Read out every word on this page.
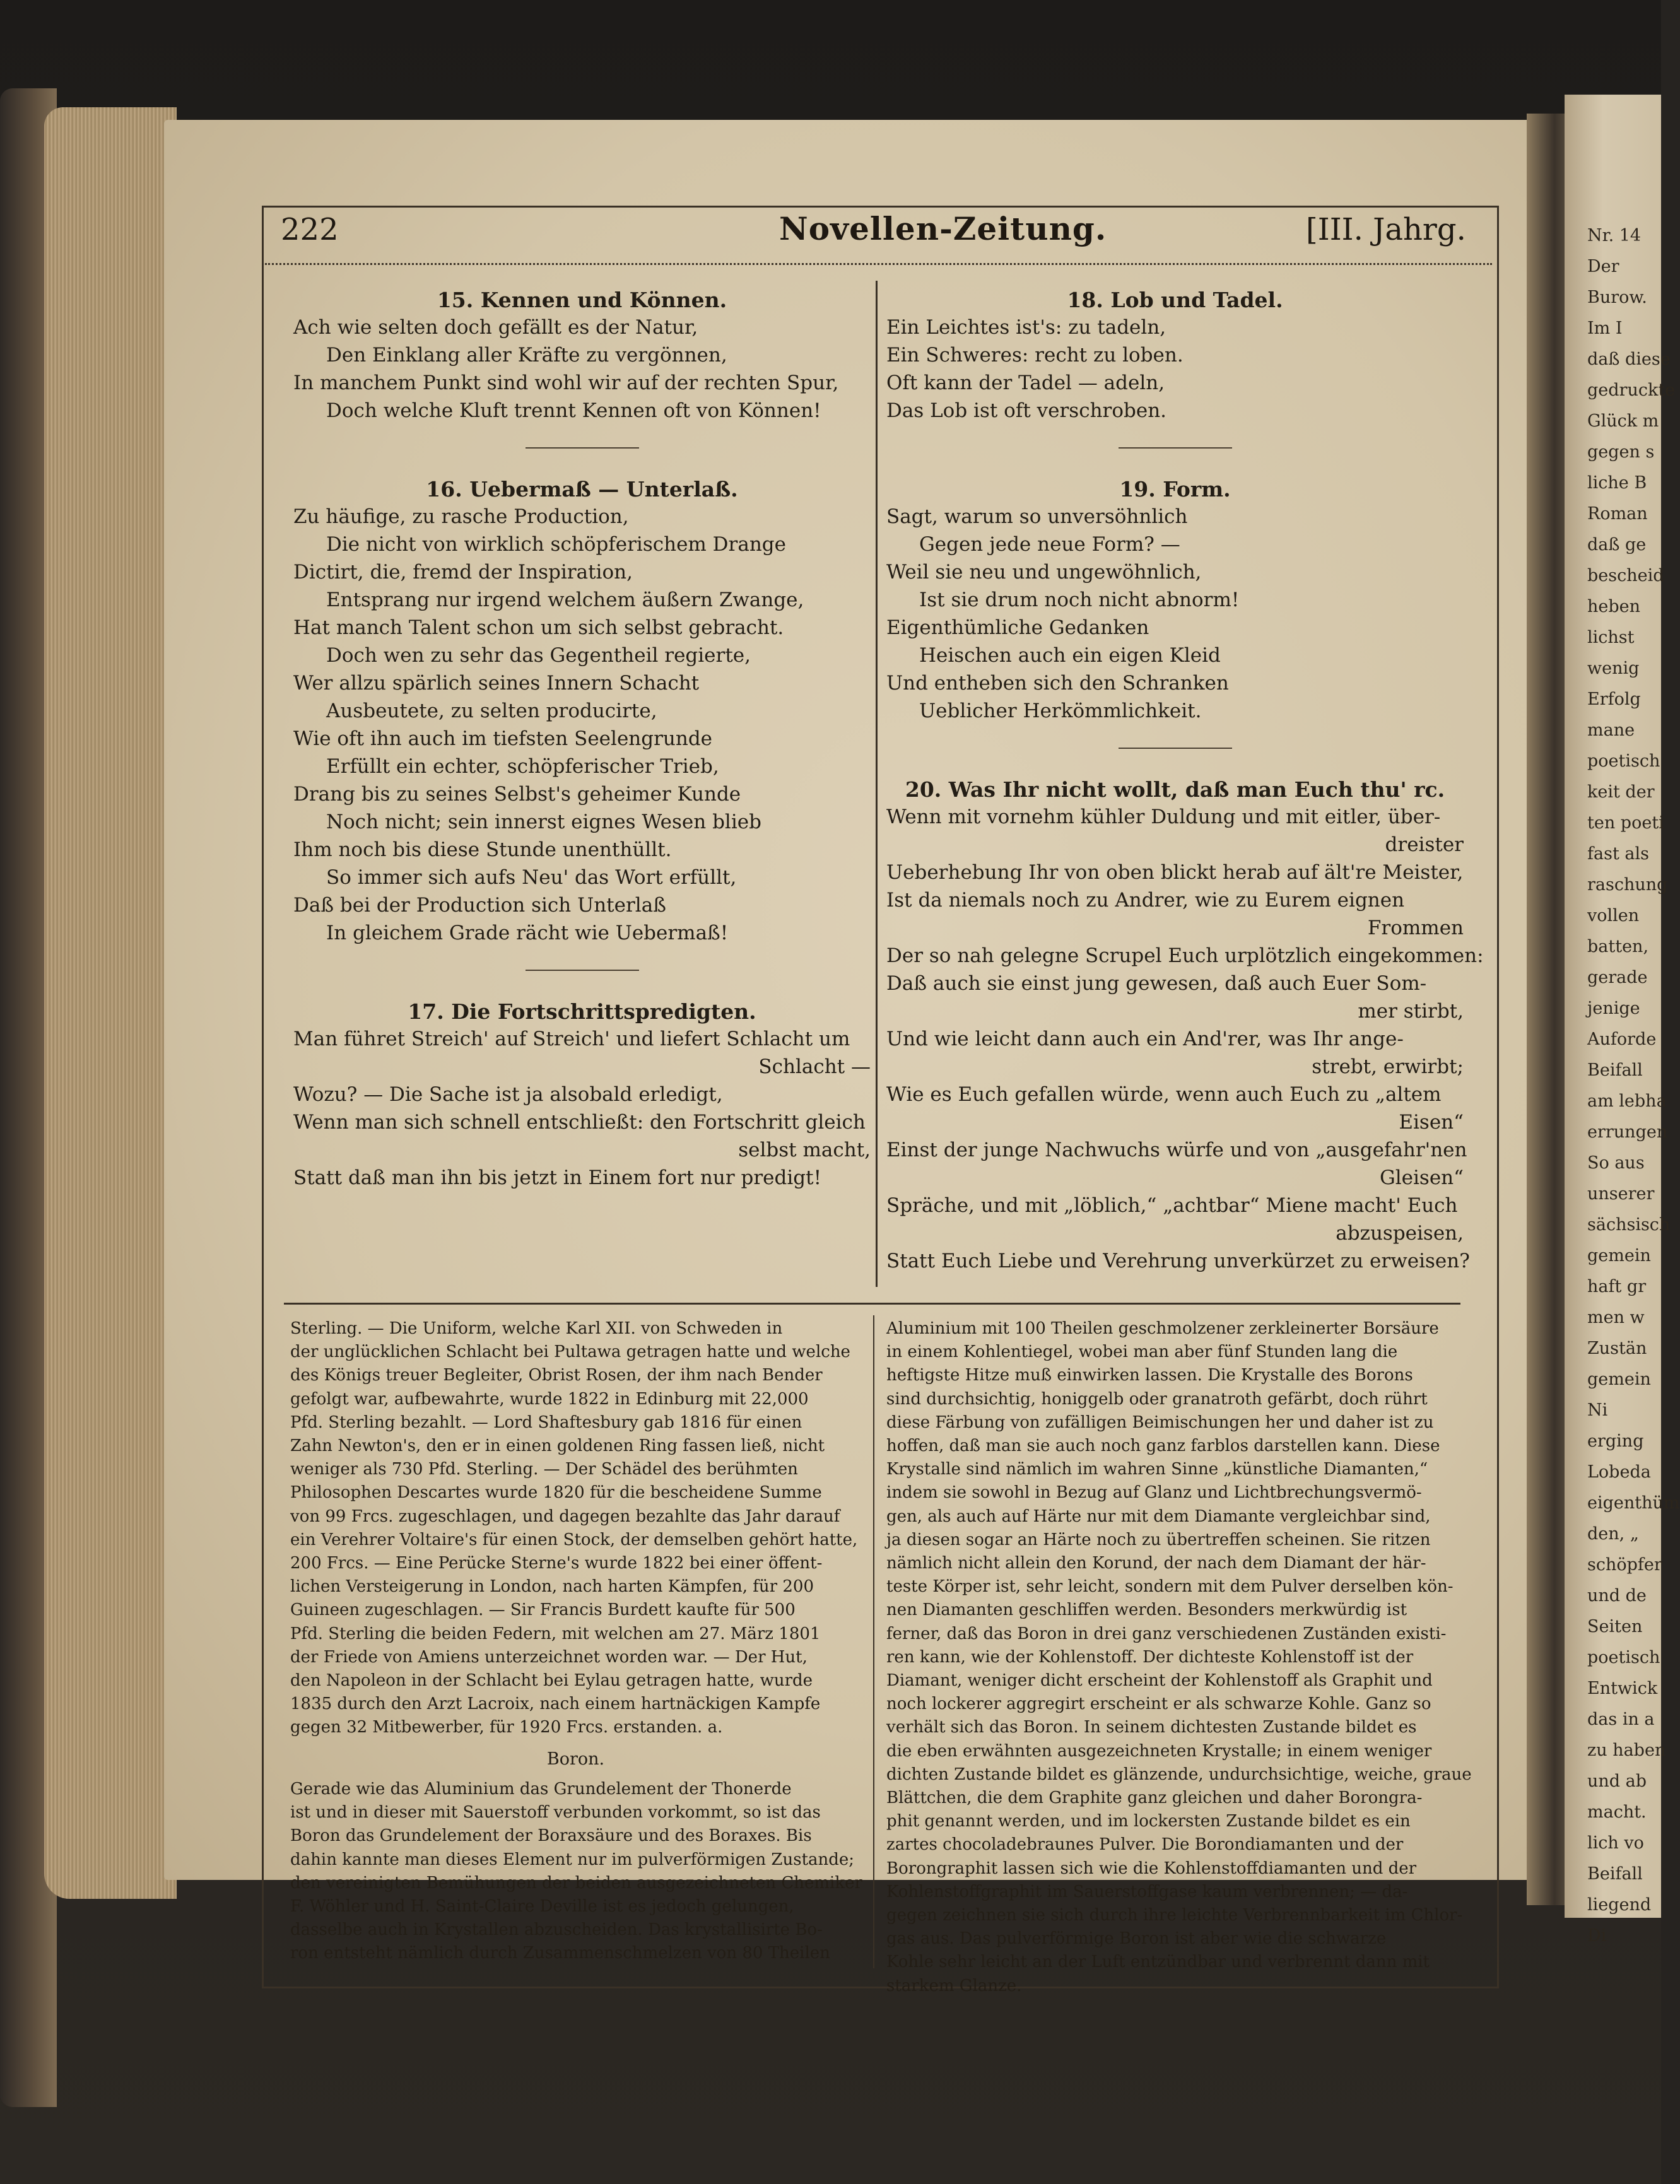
Nr. 14
Der
Burow.
Im I
daß diese
gedruckte
Glück m
gegen s
liche B
Roman
daß ge
bescheid
heben
lichst
wenig
Erfolg
mane
poetisch
keit der
ten poeti
fast als
raschung
vollen
batten,
gerade
jenige
Auforde
Beifall
am lebha
errungen
So aus
unserer
sächsisch
gemein
haft gr
men w
Zustän
gemein
Ni
erging
Lobeda
eigenthüm
den, „
schöpfer
und de
Seiten
poetisch
Entwick
das in a
zu haben
und ab
macht.
lich vo
Beifall
liegend
Di
222	Novellen-Zeitung.	[III. Jahrg.
15. Kennen und Können.
Ach wie selten doch gefällt es der Natur,
Den Einklang aller Kräfte zu vergönnen,
In manchem Punkt sind wohl wir auf der rechten Spur,
Doch welche Kluft trennt Kennen oft von Können!
16. Uebermaß — Unterlaß.
Zu häufige, zu rasche Production,
Die nicht von wirklich schöpferischem Drange
Dictirt, die, fremd der Inspiration,
Entsprang nur irgend welchem äußern Zwange,
Hat manch Talent schon um sich selbst gebracht.
Doch wen zu sehr das Gegentheil regierte,
Wer allzu spärlich seines Innern Schacht
Ausbeutete, zu selten producirte,
Wie oft ihn auch im tiefsten Seelengrunde
Erfüllt ein echter, schöpferischer Trieb,
Drang bis zu seines Selbst's geheimer Kunde
Noch nicht; sein innerst eignes Wesen blieb
Ihm noch bis diese Stunde unenthüllt.
So immer sich aufs Neu' das Wort erfüllt,
Daß bei der Production sich Unterlaß
In gleichem Grade rächt wie Uebermaß!
17. Die Fortschrittspredigten.
Man führet Streich' auf Streich' und liefert Schlacht um
Schlacht —
Wozu? — Die Sache ist ja alsobald erledigt,
Wenn man sich schnell entschließt: den Fortschritt gleich
selbst macht,
Statt daß man ihn bis jetzt in Einem fort nur predigt!
18. Lob und Tadel.
Ein Leichtes ist's: zu tadeln,
Ein Schweres: recht zu loben.
Oft kann der Tadel — adeln,
Das Lob ist oft verschroben.
19. Form.
Sagt, warum so unversöhnlich
Gegen jede neue Form? —
Weil sie neu und ungewöhnlich,
Ist sie drum noch nicht abnorm!
Eigenthümliche Gedanken
Heischen auch ein eigen Kleid
Und entheben sich den Schranken
Ueblicher Herkömmlichkeit.
20. Was Ihr nicht wollt, daß man Euch thu' rc.
Wenn mit vornehm kühler Duldung und mit eitler, über-
dreister
Ueberhebung Ihr von oben blickt herab auf ält're Meister,
Ist da niemals noch zu Andrer, wie zu Eurem eignen
Frommen
Der so nah gelegne Scrupel Euch urplötzlich eingekommen:
Daß auch sie einst jung gewesen, daß auch Euer Som-
mer stirbt,
Und wie leicht dann auch ein And'rer, was Ihr ange-
strebt, erwirbt;
Wie es Euch gefallen würde, wenn auch Euch zu „altem
Eisen“
Einst der junge Nachwuchs würfe und von „ausgefahr'nen
Gleisen“
Spräche, und mit „löblich,“ „achtbar“ Miene macht' Euch
abzuspeisen,
Statt Euch Liebe und Verehrung unverkürzet zu erweisen?
Sterling. — Die Uniform, welche Karl XII. von Schweden in
der unglücklichen Schlacht bei Pultawa getragen hatte und welche
des Königs treuer Begleiter, Obrist Rosen, der ihm nach Bender
gefolgt war, aufbewahrte, wurde 1822 in Edinburg mit 22,000
Pfd. Sterling bezahlt. — Lord Shaftesbury gab 1816 für einen
Zahn Newton's, den er in einen goldenen Ring fassen ließ, nicht
weniger als 730 Pfd. Sterling. — Der Schädel des berühmten
Philosophen Descartes wurde 1820 für die bescheidene Summe
von 99 Frcs. zugeschlagen, und dagegen bezahlte das Jahr darauf
ein Verehrer Voltaire's für einen Stock, der demselben gehört hatte,
200 Frcs. — Eine Perücke Sterne's wurde 1822 bei einer öffent-
lichen Versteigerung in London, nach harten Kämpfen, für 200
Guineen zugeschlagen. — Sir Francis Burdett kaufte für 500
Pfd. Sterling die beiden Federn, mit welchen am 27. März 1801
der Friede von Amiens unterzeichnet worden war. — Der Hut,
den Napoleon in der Schlacht bei Eylau getragen hatte, wurde
1835 durch den Arzt Lacroix, nach einem hartnäckigen Kampfe
gegen 32 Mitbewerber, für 1920 Frcs. erstanden. a.
Boron.
Gerade wie das Aluminium das Grundelement der Thonerde
ist und in dieser mit Sauerstoff verbunden vorkommt, so ist das
Boron das Grundelement der Boraxsäure und des Boraxes. Bis
dahin kannte man dieses Element nur im pulverförmigen Zustande;
den vereinigten Bemühungen der beiden ausgezeichneten Chemiker
F. Wöhler und H. Saint-Claire Deville ist es jedoch gelungen,
dasselbe auch in Krystallen abzuscheiden. Das krystallisirte Bo-
ron entsteht nämlich durch Zusammenschmelzen von 80 Theilen
Aluminium mit 100 Theilen geschmolzener zerkleinerter Borsäure
in einem Kohlentiegel, wobei man aber fünf Stunden lang die
heftigste Hitze muß einwirken lassen. Die Krystalle des Borons
sind durchsichtig, honiggelb oder granatroth gefärbt, doch rührt
diese Färbung von zufälligen Beimischungen her und daher ist zu
hoffen, daß man sie auch noch ganz farblos darstellen kann. Diese
Krystalle sind nämlich im wahren Sinne „künstliche Diamanten,“
indem sie sowohl in Bezug auf Glanz und Lichtbrechungsvermö-
gen, als auch auf Härte nur mit dem Diamante vergleichbar sind,
ja diesen sogar an Härte noch zu übertreffen scheinen. Sie ritzen
nämlich nicht allein den Korund, der nach dem Diamant der här-
teste Körper ist, sehr leicht, sondern mit dem Pulver derselben kön-
nen Diamanten geschliffen werden. Besonders merkwürdig ist
ferner, daß das Boron in drei ganz verschiedenen Zuständen existi-
ren kann, wie der Kohlenstoff. Der dichteste Kohlenstoff ist der
Diamant, weniger dicht erscheint der Kohlenstoff als Graphit und
noch lockerer aggregirt erscheint er als schwarze Kohle. Ganz so
verhält sich das Boron. In seinem dichtesten Zustande bildet es
die eben erwähnten ausgezeichneten Krystalle; in einem weniger
dichten Zustande bildet es glänzende, undurchsichtige, weiche, graue
Blättchen, die dem Graphite ganz gleichen und daher Borongra-
phit genannt werden, und im lockersten Zustande bildet es ein
zartes chocoladebraunes Pulver. Die Borondiamanten und der
Borongraphit lassen sich wie die Kohlenstoffdiamanten und der
Kohlenstoffgraphit im Sauerstoffgase kaum verbrennen; — da-
gegen zeichnen sie sich durch ihre leichte Verbrennbarkeit im Chlor-
gas aus. Das pulverförmige Boron ist aber wie die schwarze
Kohle sehr leicht an der Luft entzündbar und verbrennt dann mit
starkem Glanze.
